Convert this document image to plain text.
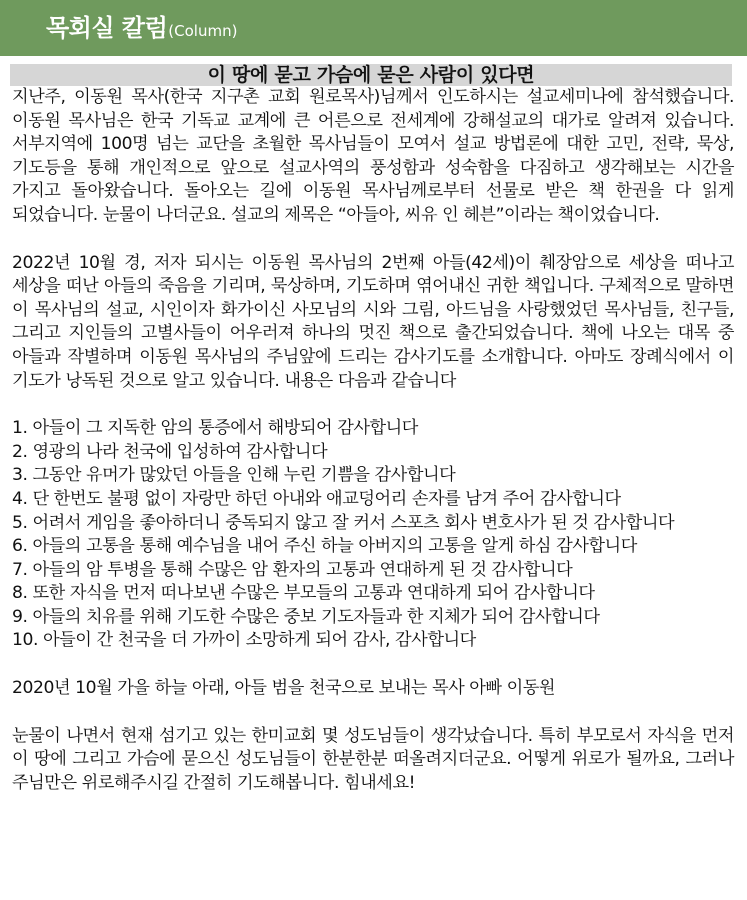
목회실 칼럼(Column)
이 땅에 묻고 가슴에 묻은 사람이 있다면

지난주, 이동원 목사(한국 지구촌 교회 원로목사)님께서 인도하시는 설교세미나에 참석했습니다. 이동원 목사님은 한국 기독교 교계에 큰 어른으로 전세계에 강해설교의 대가로 알려져 있습니다. 서부지역에 100명 넘는 교단을 초월한 목사님들이 모여서 설교 방법론에 대한 고민, 전략, 묵상, 기도등을 통해 개인적으로 앞으로 설교사역의 풍성함과 성숙함을 다짐하고 생각해보는 시간을 가지고 돌아왔습니다. 돌아오는 길에 이동원 목사님께로부터 선물로 받은 책 한권을 다 읽게 되었습니다. 눈물이 나더군요. 설교의 제목은 “아들아, 씨유 인 헤븐”이라는 책이었습니다.

2022년 10월 경, 저자 되시는 이동원 목사님의 2번째 아들(42세)이 췌장암으로 세상을 떠나고 세상을 떠난 아들의 죽음을 기리며, 묵상하며, 기도하며 엮어내신 귀한 책입니다. 구체적으로 말하면 이 목사님의 설교, 시인이자 화가이신 사모님의 시와 그림, 아드님을 사랑했었던 목사님들, 친구들, 그리고 지인들의 고별사들이 어우러져 하나의 멋진 책으로 출간되었습니다. 책에 나오는 대목 중 아들과 작별하며 이동원 목사님의 주님앞에 드리는 감사기도를 소개합니다. 아마도 장례식에서 이 기도가 낭독된 것으로 알고 있습니다. 내용은 다음과 같습니다

1. 아들이 그 지독한 암의 통증에서 해방되어 감사합니다
2. 영광의 나라 천국에 입성하여 감사합니다
3. 그동안 유머가 많았던 아들을 인해 누린 기쁨을 감사합니다
4. 단 한번도 불평 없이 자랑만 하던 아내와 애교덩어리 손자를 남겨 주어 감사합니다
5. 어려서 게임을 좋아하더니 중독되지 않고 잘 커서 스포츠 회사 변호사가 된 것 감사합니다
6. 아들의 고통을 통해 예수님을 내어 주신 하늘 아버지의 고통을 알게 하심 감사합니다
7. 아들의 암 투병을 통해 수많은 암 환자의 고통과 연대하게 된 것 감사합니다
8. 또한 자식을 먼저 떠나보낸 수많은 부모들의 고통과 연대하게 되어 감사합니다
9. 아들의 치유를 위해 기도한 수많은 중보 기도자들과 한 지체가 되어 감사합니다
10. 아들이 간 천국을 더 가까이 소망하게 되어 감사, 감사합니다

2020년 10월 가을 하늘 아래, 아들 범을 천국으로 보내는 목사 아빠 이동원

눈물이 나면서 현재 섬기고 있는 한미교회 몇 성도님들이 생각났습니다. 특히 부모로서 자식을 먼저 이 땅에 그리고 가슴에 묻으신 성도님들이 한분한분 떠올려지더군요. 어떻게 위로가 될까요, 그러나 주님만은 위로해주시길 간절히 기도해봅니다. 힘내세요!
